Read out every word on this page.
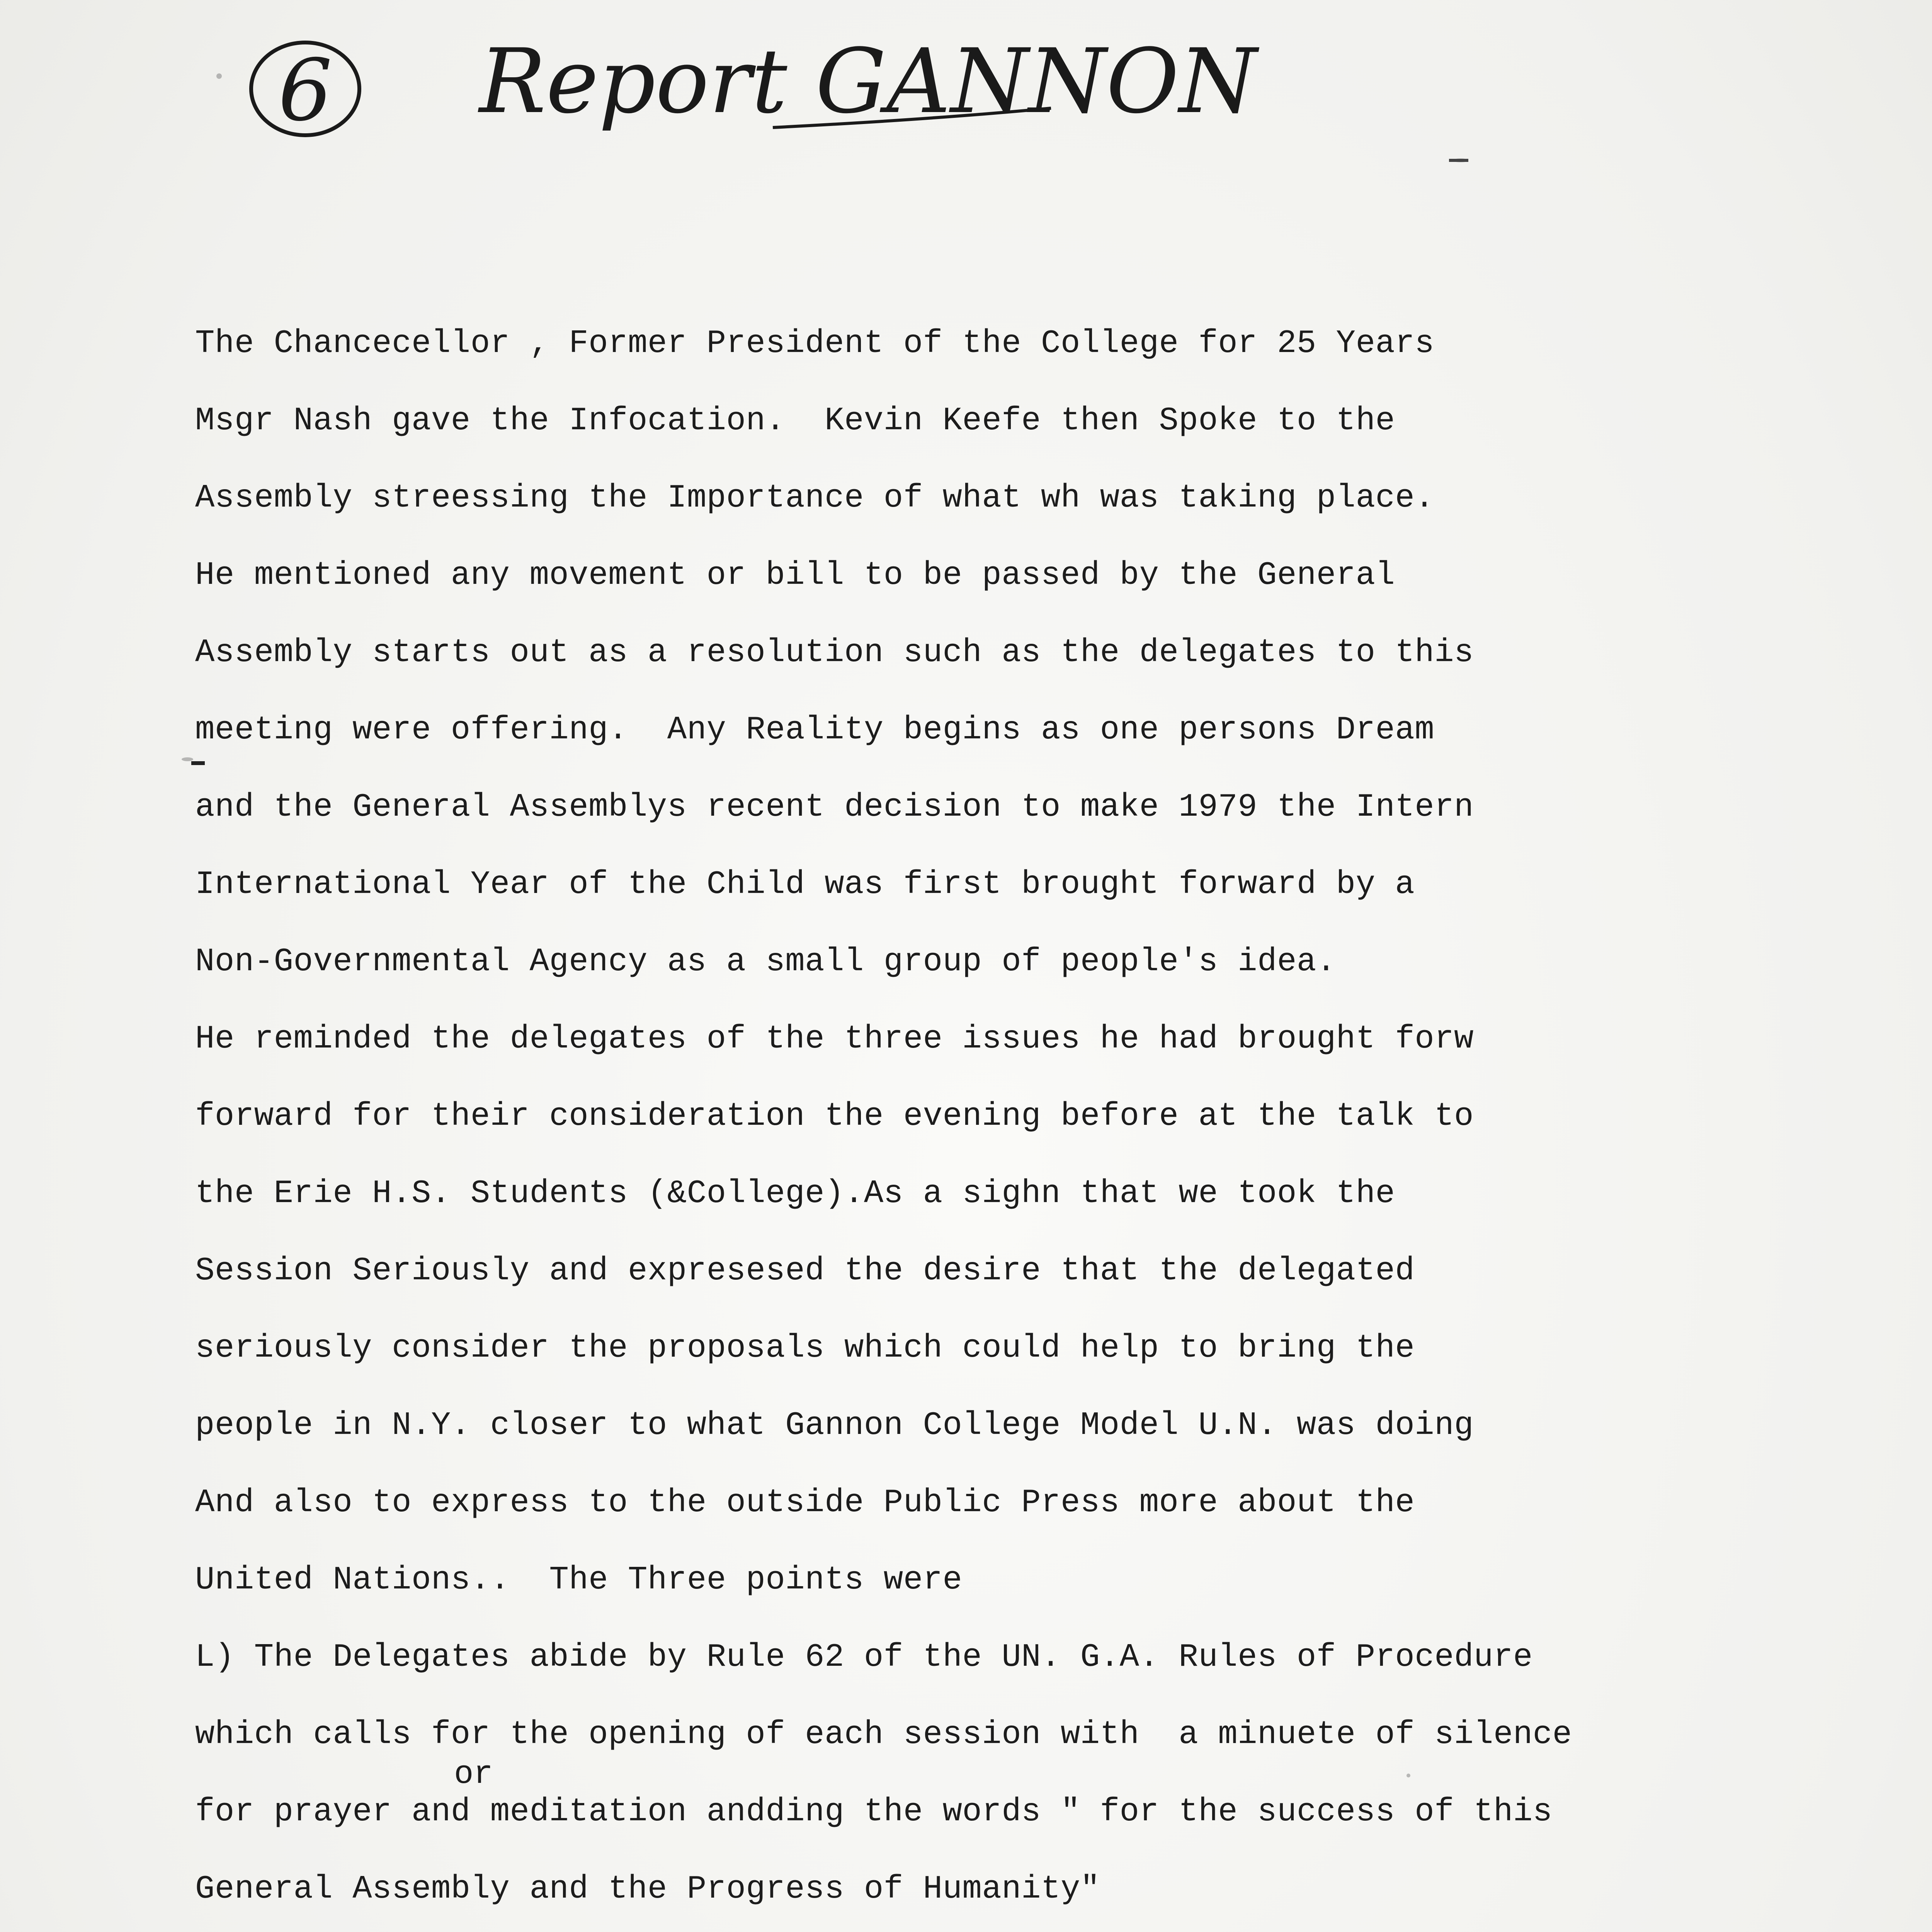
6 Report GANNON
The Chancecellor , Former President of the College for 25 Years
Msgr Nash gave the Infocation.  Kevin Keefe then Spoke to the
Assembly streessing the Importance of what wh was taking place.
He mentioned any movement or bill to be passed by the General
Assembly starts out as a resolution such as the delegates to this
meeting were offering.  Any Reality begins as one persons Dream
and the General Assemblys recent decision to make 1979 the Intern
International Year of the Child was first brought forward by a
Non-Governmental Agency as a small group of people's idea.
He reminded the delegates of the three issues he had brought forw
forward for their consideration the evening before at the talk to
the Erie H.S. Students (&College).As a sighn that we took the
Session Seriously and expresesed the desire that the delegated
seriously consider the proposals which could help to bring the
people in N.Y. closer to what Gannon College Model U.N. was doing
And also to express to the outside Public Press more about the
United Nations..  The Three points were
L) The Delegates abide by Rule 62 of the UN. G.A. Rules of Procedure
which calls for the opening of each session with  a minuete of silence
for prayer and meditation andding the words " for the success of this
General Assembly and the Progress of Humanity"
or
